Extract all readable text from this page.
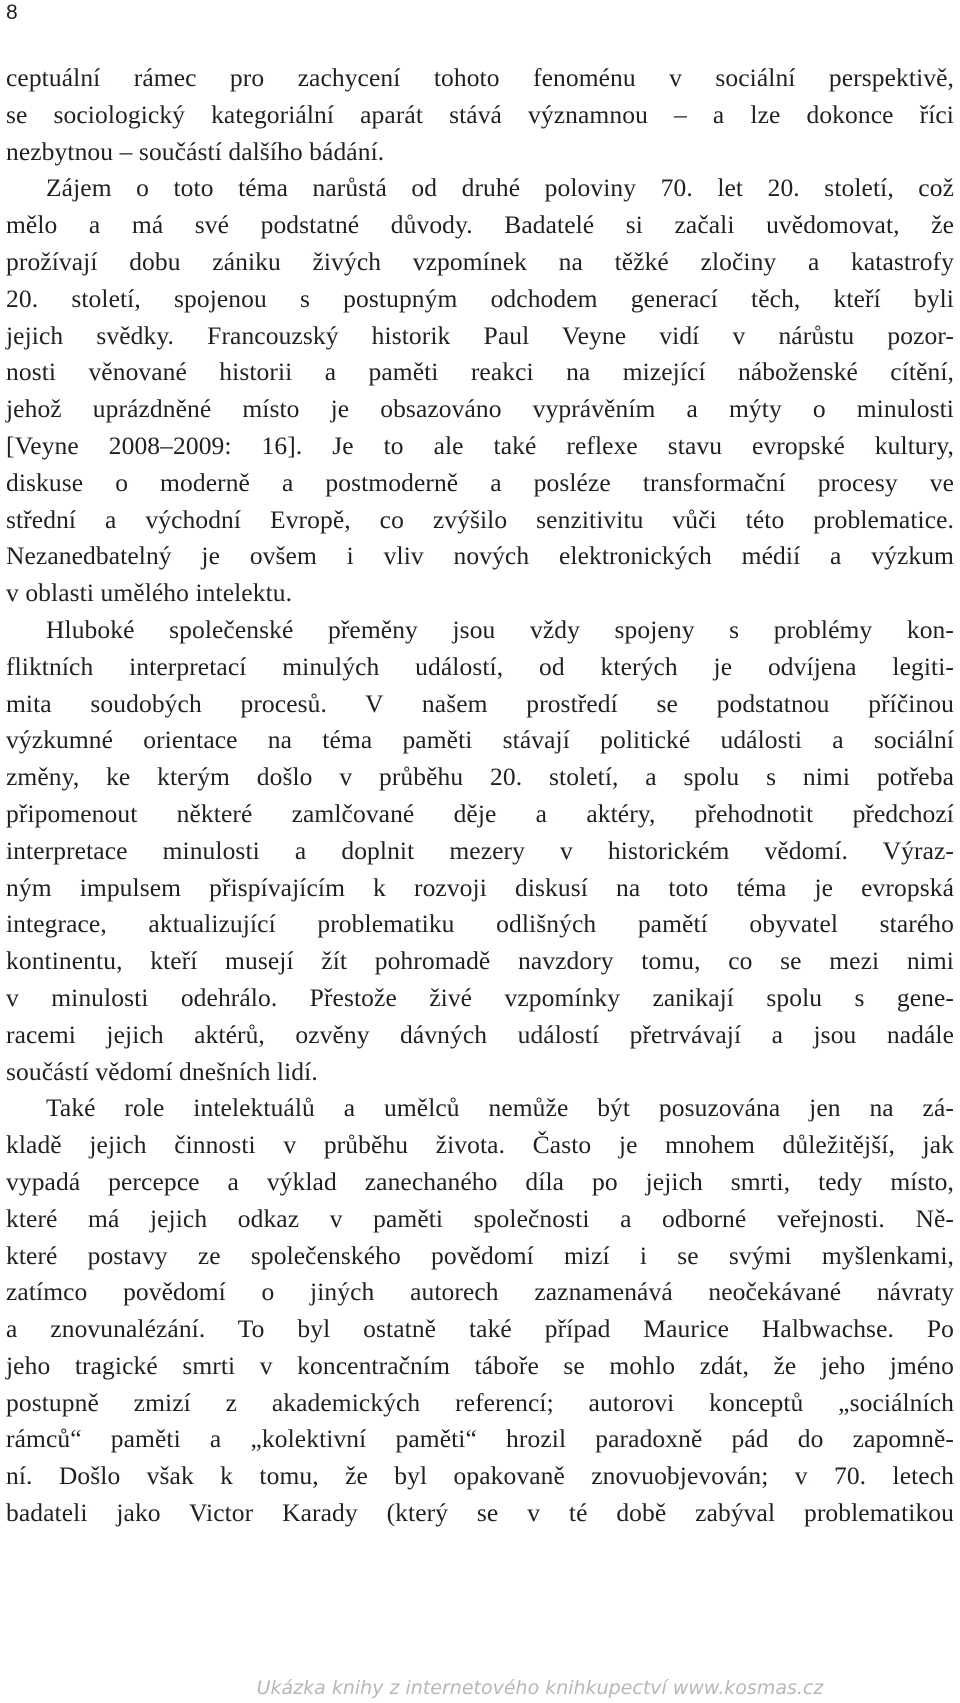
8
ceptuální rámec pro zachycení tohoto fenoménu v sociální perspektivě,
se sociologický kategoriální aparát stává významnou – a lze dokonce říci
nezbytnou – součástí dalšího bádání.
Zájem o toto téma narůstá od druhé poloviny 70. let 20. století, což
mělo a má své podstatné důvody. Badatelé si začali uvědomovat, že
prožívají dobu zániku živých vzpomínek na těžké zločiny a katastrofy
20. století, spojenou s postupným odchodem generací těch, kteří byli
jejich svědky. Francouzský historik Paul Veyne vidí v nárůstu pozor-
nosti věnované historii a paměti reakci na mizející náboženské cítění,
jehož uprázdněné místo je obsazováno vyprávěním a mýty o minulosti
[Veyne 2008–2009: 16]. Je to ale také reflexe stavu evropské kultury,
diskuse o moderně a postmoderně a posléze transformační procesy ve
střední a východní Evropě, co zvýšilo senzitivitu vůči této problematice.
Nezanedbatelný je ovšem i vliv nových elektronických médií a výzkum
v oblasti umělého intelektu.
Hluboké společenské přeměny jsou vždy spojeny s problémy kon-
fliktních interpretací minulých událostí, od kterých je odvíjena legiti-
mita soudobých procesů. V našem prostředí se podstatnou příčinou
výzkumné orientace na téma paměti stávají politické události a sociální
změny, ke kterým došlo v průběhu 20. století, a spolu s nimi potřeba
připomenout některé zamlčované děje a aktéry, přehodnotit předchozí
interpretace minulosti a doplnit mezery v historickém vědomí. Výraz-
ným impulsem přispívajícím k rozvoji diskusí na toto téma je evropská
integrace, aktualizující problematiku odlišných pamětí obyvatel starého
kontinentu, kteří musejí žít pohromadě navzdory tomu, co se mezi nimi
v minulosti odehrálo. Přestože živé vzpomínky zanikají spolu s gene-
racemi jejich aktérů, ozvěny dávných událostí přetrvávají a jsou nadále
součástí vědomí dnešních lidí.
Také role intelektuálů a umělců nemůže být posuzována jen na zá-
kladě jejich činnosti v průběhu života. Často je mnohem důležitější, jak
vypadá percepce a výklad zanechaného díla po jejich smrti, tedy místo,
které má jejich odkaz v paměti společnosti a odborné veřejnosti. Ně-
které postavy ze společenského povědomí mizí i se svými myšlenkami,
zatímco povědomí o jiných autorech zaznamenává neočekávané návraty
a znovunalézání. To byl ostatně také případ Maurice Halbwachse. Po
jeho tragické smrti v koncentračním táboře se mohlo zdát, že jeho jméno
postupně zmizí z akademických referencí; autorovi konceptů „sociálních
rámců“ paměti a „kolektivní paměti“ hrozil paradoxně pád do zapomně-
ní. Došlo však k tomu, že byl opakovaně znovuobjevován; v 70. letech
badateli jako Victor Karady (který se v té době zabýval problematikou
Ukázka knihy z internetového knihkupectví www.kosmas.cz
